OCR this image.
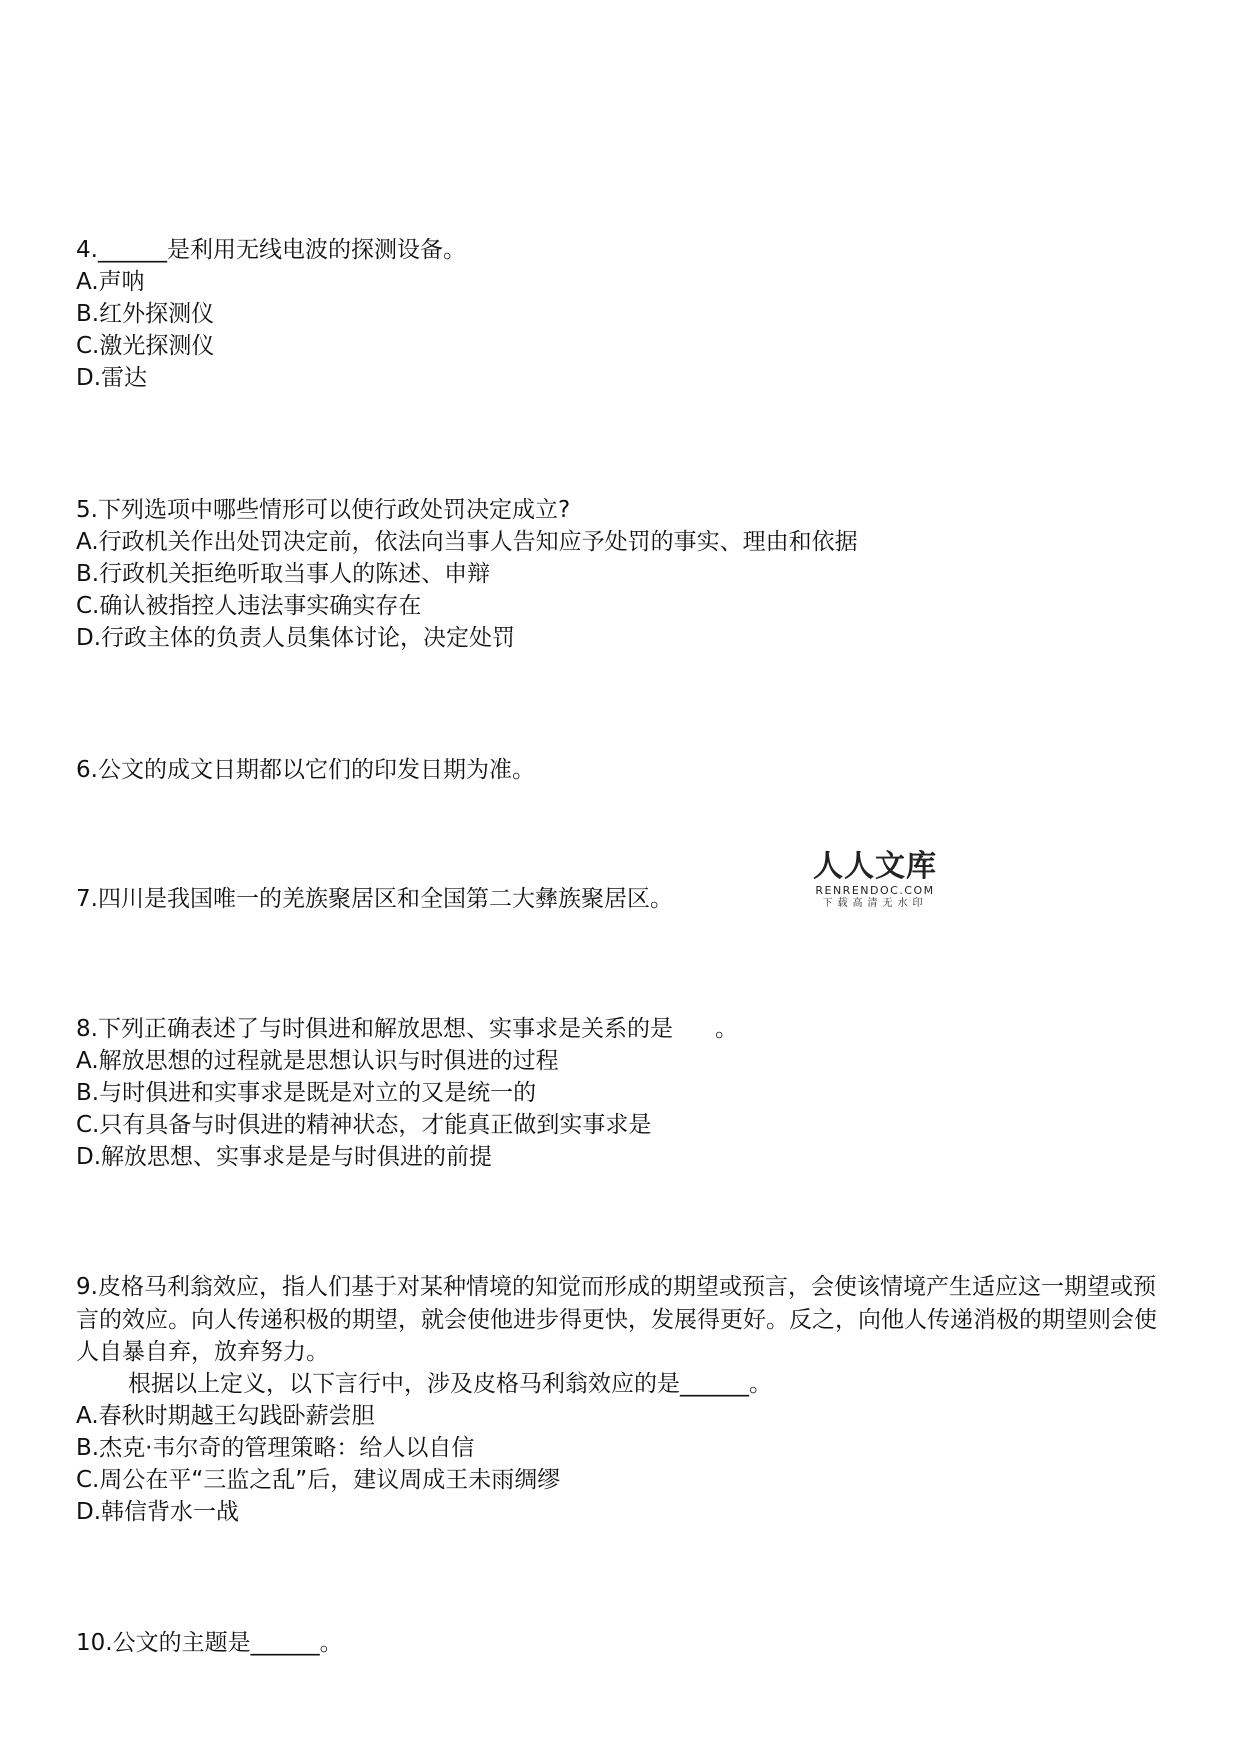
4.______是利用无线电波的探测设备。
A.声呐
B.红外探测仪
C.激光探测仪
D.雷达
5.下列选项中哪些情形可以使行政处罚决定成立?
A.行政机关作出处罚决定前，依法向当事人告知应予处罚的事实、理由和依据
B.行政机关拒绝听取当事人的陈述、申辩
C.确认被指控人违法事实确实存在
D.行政主体的负责人员集体讨论，决定处罚
6.公文的成文日期都以它们的印发日期为准。
7.四川是我国唯一的羌族聚居区和全国第二大彝族聚居区。
人人文库
RENRENDOC.COM
下载高清无水印
8.下列正确表述了与时俱进和解放思想、实事求是关系的是 。
A.解放思想的过程就是思想认识与时俱进的过程
B.与时俱进和实事求是既是对立的又是统一的
C.只有具备与时俱进的精神状态，才能真正做到实事求是
D.解放思想、实事求是是与时俱进的前提
9.皮格马利翁效应，指人们基于对某种情境的知觉而形成的期望或预言，会使该情境产生适应这一期望或预言的效应。向人传递积极的期望，就会使他进步得更快，发展得更好。反之，向他人传递消极的期望则会使人自暴自弃，放弃努力。
根据以上定义，以下言行中，涉及皮格马利翁效应的是______。
A.春秋时期越王勾践卧薪尝胆
B.杰克·韦尔奇的管理策略：给人以自信
C.周公在平“三监之乱”后，建议周成王未雨绸缪
D.韩信背水一战
10.公文的主题是______。
